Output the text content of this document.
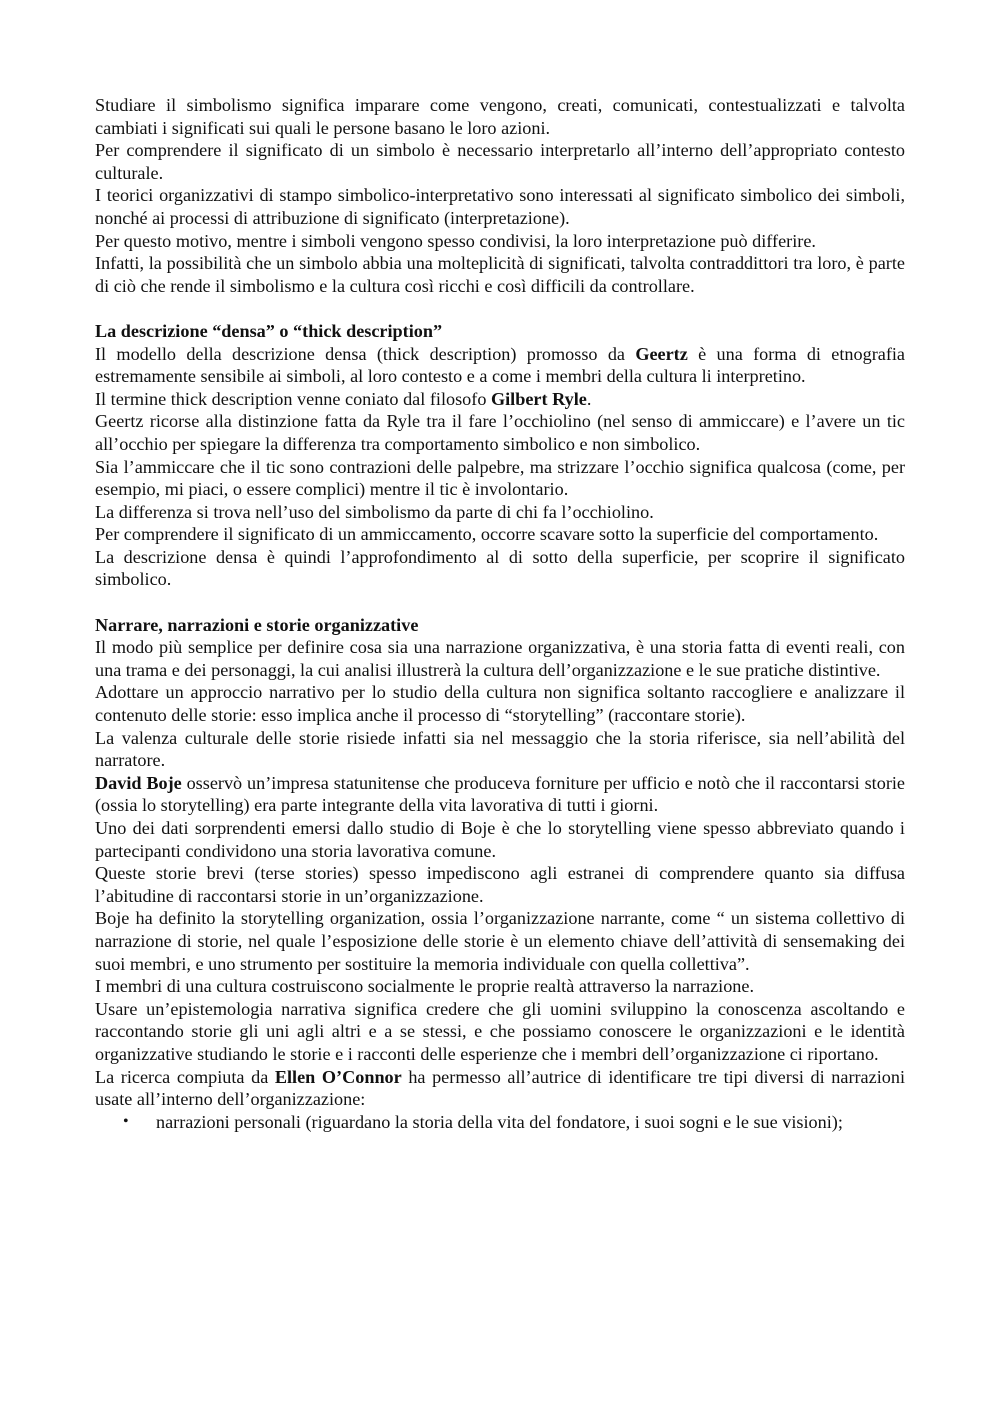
Studiare il simbolismo significa imparare come vengono, creati, comunicati, contestualizzati e talvolta cambiati i significati sui quali le persone basano le loro azioni.

Per comprendere il significato di un simbolo è necessario interpretarlo all’interno dell’appropriato contesto culturale.

I teorici organizzativi di stampo simbolico-interpretativo sono interessati al significato simbolico dei simboli, nonché ai processi di attribuzione di significato (interpretazione).

Per questo motivo, mentre i simboli vengono spesso condivisi, la loro interpretazione può differire.

Infatti, la possibilità che un simbolo abbia una molteplicità di significati, talvolta contraddittori tra loro, è parte di ciò che rende il simbolismo e la cultura così ricchi e così difficili da controllare.

La descrizione “densa” o “thick description”

Il modello della descrizione densa (thick description) promosso da Geertz è una forma di etnografia estremamente sensibile ai simboli, al loro contesto e a come i membri della cultura li interpretino.

Il termine thick description venne coniato dal filosofo Gilbert Ryle.

Geertz ricorse alla distinzione fatta da Ryle tra il fare l’occhiolino (nel senso di ammiccare) e l’avere un tic all’occhio per spiegare la differenza tra comportamento simbolico e non simbolico.

Sia l’ammiccare che il tic sono contrazioni delle palpebre, ma strizzare l’occhio significa qualcosa (come, per esempio, mi piaci, o essere complici) mentre il tic è involontario.

La differenza si trova nell’uso del simbolismo da parte di chi fa l’occhiolino.

Per comprendere il significato di un ammiccamento, occorre scavare sotto la superficie del comportamento.

La descrizione densa è quindi l’approfondimento al di sotto della superficie, per scoprire il significato simbolico.

Narrare, narrazioni e storie organizzative

Il modo più semplice per definire cosa sia una narrazione organizzativa, è una storia fatta di eventi reali, con una trama e dei personaggi, la cui analisi illustrerà la cultura dell’organizzazione e le sue pratiche distintive.

Adottare un approccio narrativo per lo studio della cultura non significa soltanto raccogliere e analizzare il contenuto delle storie: esso implica anche il processo di “storytelling” (raccontare storie).

La valenza culturale delle storie risiede infatti sia nel messaggio che la storia riferisce, sia nell’abilità del narratore.

David Boje osservò un’impresa statunitense che produceva forniture per ufficio e notò che il raccontarsi storie (ossia lo storytelling) era parte integrante della vita lavorativa di tutti i giorni.

Uno dei dati sorprendenti emersi dallo studio di Boje è che lo storytelling viene spesso abbreviato quando i partecipanti condividono una storia lavorativa comune.

Queste storie brevi (terse stories) spesso impediscono agli estranei di comprendere quanto sia diffusa l’abitudine di raccontarsi storie in un’organizzazione.

Boje ha definito la storytelling organization, ossia l’organizzazione narrante, come “ un sistema collettivo di narrazione di storie, nel quale l’esposizione delle storie è un elemento chiave dell’attività di sensemaking dei suoi membri, e uno strumento per sostituire la memoria individuale con quella collettiva”.

I membri di una cultura costruiscono socialmente le proprie realtà attraverso la narrazione.

Usare un’epistemologia narrativa significa credere che gli uomini sviluppino la conoscenza ascoltando e raccontando storie gli uni agli altri e a se stessi, e che possiamo conoscere le organizzazioni e le identità organizzative studiando le storie e i racconti delle esperienze che i membri dell’organizzazione ci riportano.

La ricerca compiuta da Ellen O’Connor ha permesso all’autrice di identificare tre tipi diversi di narrazioni usate all’interno dell’organizzazione:

• narrazioni personali (riguardano la storia della vita del fondatore, i suoi sogni e le sue visioni);
